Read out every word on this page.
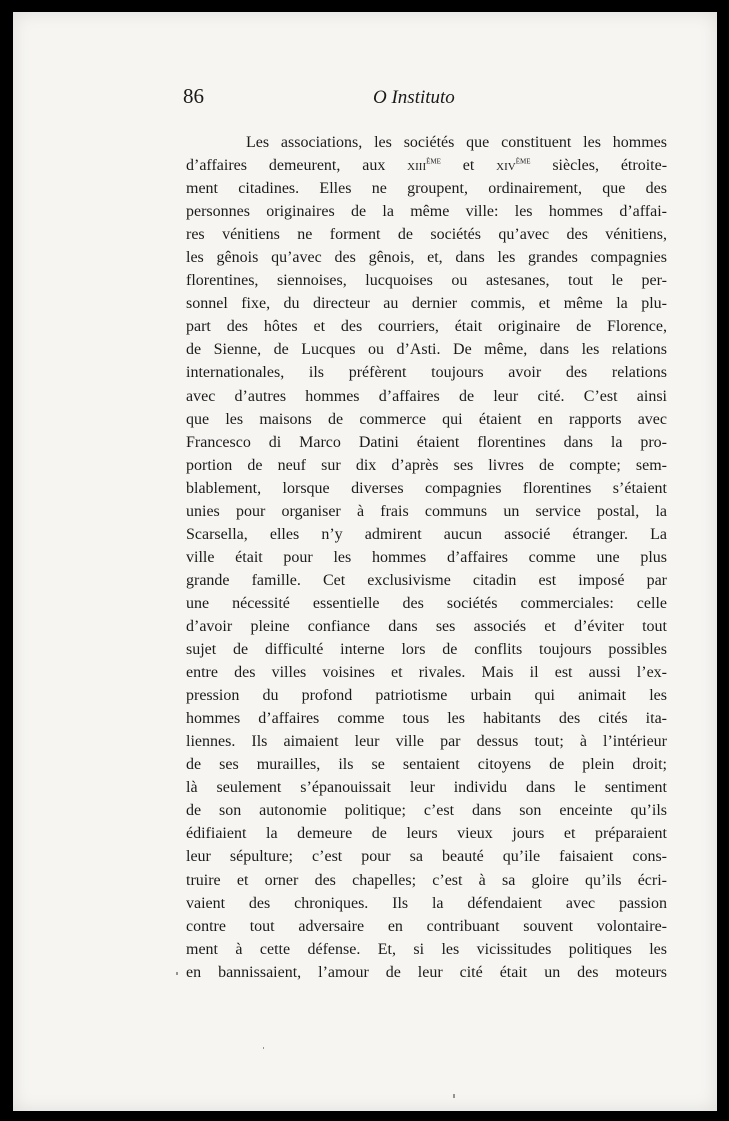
86	O Instituto
Les associations, les sociétés que constituent les hommes
d’affaires demeurent, aux xiii$^{ème}$ et xiv$^{ème}$ siècles, étroite-
ment citadines. Elles ne groupent, ordinairement, que des
personnes originaires de la même ville: les hommes d’affai-
res vénitiens ne forment de sociétés qu’avec des vénitiens,
les gênois qu’avec des gênois, et, dans les grandes compagnies
florentines, siennoises, lucquoises ou astesanes, tout le per-
sonnel fixe, du directeur au dernier commis, et même la plu-
part des hôtes et des courriers, était originaire de Florence,
de Sienne, de Lucques ou d’Asti. De même, dans les relations
internationales, ils préfèrent toujours avoir des relations
avec d’autres hommes d’affaires de leur cité. C’est ainsi
que les maisons de commerce qui étaient en rapports avec
Francesco di Marco Datini étaient florentines dans la pro-
portion de neuf sur dix d’après ses livres de compte; sem-
blablement, lorsque diverses compagnies florentines s’étaient
unies pour organiser à frais communs un service postal, la
Scarsella, elles n’y admirent aucun associé étranger. La
ville était pour les hommes d’affaires comme une plus
grande famille. Cet exclusivisme citadin est imposé par
une nécessité essentielle des sociétés commerciales: celle
d’avoir pleine confiance dans ses associés et d’éviter tout
sujet de difficulté interne lors de conflits toujours possibles
entre des villes voisines et rivales. Mais il est aussi l’ex-
pression du profond patriotisme urbain qui animait les
hommes d’affaires comme tous les habitants des cités ita-
liennes. Ils aimaient leur ville par dessus tout; à l’intérieur
de ses murailles, ils se sentaient citoyens de plein droit;
là seulement s’épanouissait leur individu dans le sentiment
de son autonomie politique; c’est dans son enceinte qu’ils
édifiaient la demeure de leurs vieux jours et préparaient
leur sépulture; c’est pour sa beauté qu’ile faisaient cons-
truire et orner des chapelles; c’est à sa gloire qu’ils écri-
vaient des chroniques. Ils la défendaient avec passion
contre tout adversaire en contribuant souvent volontaire-
ment à cette défense. Et, si les vicissitudes politiques les
en bannissaient, l’amour de leur cité était un des moteurs
